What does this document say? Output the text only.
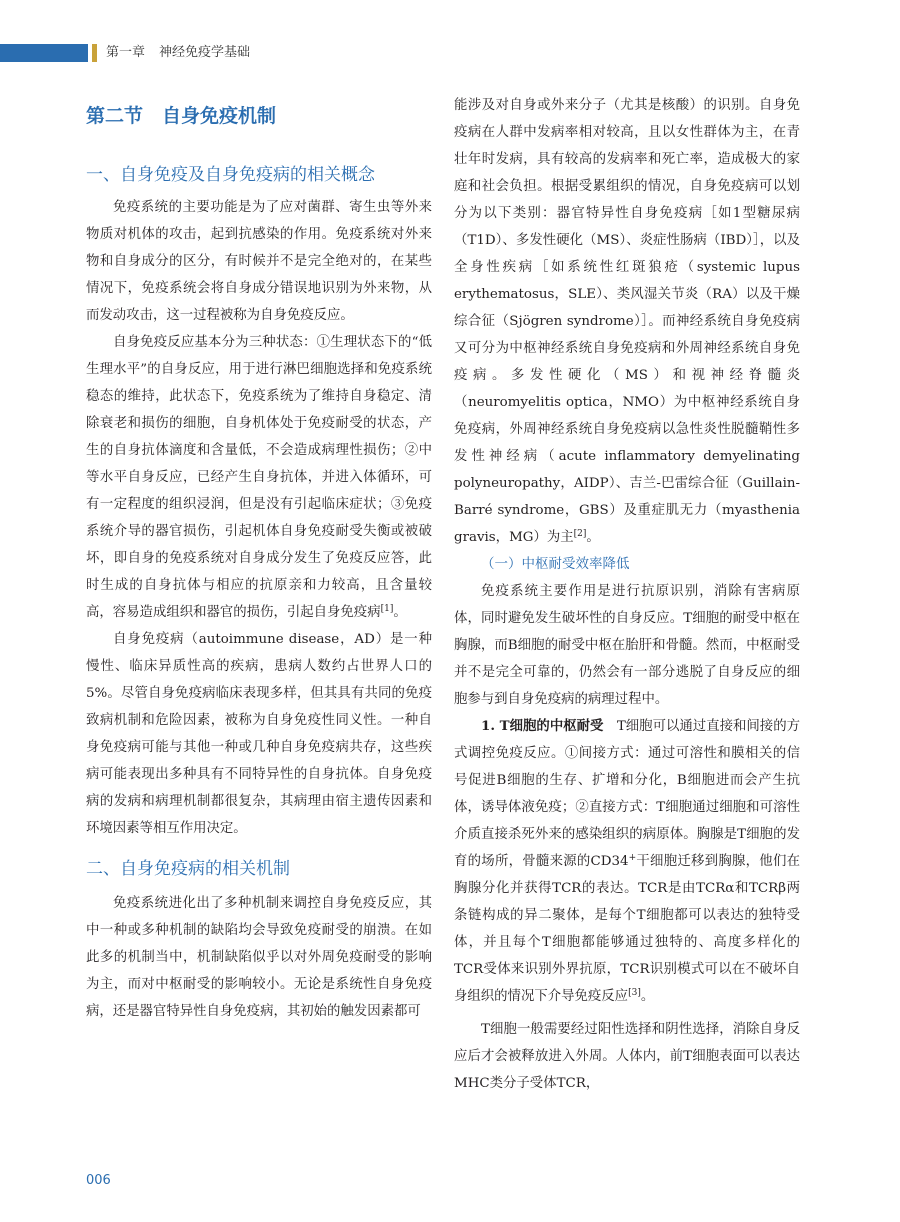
第一章 神经免疫学基础
第二节　自身免疫机制
一、自身免疫及自身免疫病的相关概念

免疫系统的主要功能是为了应对菌群、寄生虫等外来物质对机体的攻击，起到抗感染的作用。免疫系统对外来物和自身成分的区分，有时候并不是完全绝对的，在某些情况下，免疫系统会将自身成分错误地识别为外来物，从而发动攻击，这一过程被称为自身免疫反应。

自身免疫反应基本分为三种状态：①生理状态下的“低生理水平”的自身反应，用于进行淋巴细胞选择和免疫系统稳态的维持，此状态下，免疫系统为了维持自身稳定、清除衰老和损伤的细胞，自身机体处于免疫耐受的状态，产生的自身抗体滴度和含量低，不会造成病理性损伤；②中等水平自身反应，已经产生自身抗体，并进入体循环，可有一定程度的组织浸润，但是没有引起临床症状；③免疫系统介导的器官损伤，引起机体自身免疫耐受失衡或被破坏，即自身的免疫系统对自身成分发生了免疫反应答，此时生成的自身抗体与相应的抗原亲和力较高，且含量较高，容易造成组织和器官的损伤，引起自身免疫病[1]。

自身免疫病（autoimmune disease，AD）是一种慢性、临床异质性高的疾病，患病人数约占世界人口的5%。尽管自身免疫病临床表现多样，但其具有共同的免疫致病机制和危险因素，被称为自身免疫性同义性。一种自身免疫病可能与其他一种或几种自身免疫病共存，这些疾病可能表现出多种具有不同特异性的自身抗体。自身免疫病的发病和病理机制都很复杂，其病理由宿主遗传因素和环境因素等相互作用决定。

二、自身免疫病的相关机制

免疫系统进化出了多种机制来调控自身免疫反应，其中一种或多种机制的缺陷均会导致免疫耐受的崩溃。在如此多的机制当中，机制缺陷似乎以对外周免疫耐受的影响为主，而对中枢耐受的影响较小。无论是系统性自身免疫病，还是器官特异性自身免疫病，其初始的触发因素都可

能涉及对自身或外来分子（尤其是核酸）的识别。自身免疫病在人群中发病率相对较高，且以女性群体为主，在青壮年时发病，具有较高的发病率和死亡率，造成极大的家庭和社会负担。根据受累组织的情况，自身免疫病可以划分为以下类别：器官特异性自身免疫病［如1型糖尿病（T1D）、多发性硬化（MS）、炎症性肠病（IBD）］，以及全身性疾病［如系统性红斑狼疮（systemic lupus erythematosus，SLE）、类风湿关节炎（RA）以及干燥综合征（Sjögren syndrome）］。而神经系统自身免疫病又可分为中枢神经系统自身免疫病和外周神经系统自身免疫病。多发性硬化（MS）和视神经脊髓炎（neuromyelitis optica，NMO）为中枢神经系统自身免疫病，外周神经系统自身免疫病以急性炎性脱髓鞘性多发性神经病（acute inflammatory demyelinating polyneuropathy，AIDP）、吉兰-巴雷综合征（Guillain-Barré syndrome，GBS）及重症肌无力（myasthenia gravis，MG）为主[2]。

（一）中枢耐受效率降低

免疫系统主要作用是进行抗原识别，消除有害病原体，同时避免发生破坏性的自身反应。T细胞的耐受中枢在胸腺，而B细胞的耐受中枢在胎肝和骨髓。然而，中枢耐受并不是完全可靠的，仍然会有一部分逃脱了自身反应的细胞参与到自身免疫病的病理过程中。

1. T细胞的中枢耐受　T细胞可以通过直接和间接的方式调控免疫反应。①间接方式：通过可溶性和膜相关的信号促进B细胞的生存、扩增和分化，B细胞进而会产生抗体，诱导体液免疫；②直接方式：T细胞通过细胞和可溶性介质直接杀死外来的感染组织的病原体。胸腺是T细胞的发育的场所，骨髓来源的CD34+干细胞迁移到胸腺，他们在胸腺分化并获得TCR的表达。TCR是由TCRα和TCRβ两条链构成的异二聚体，是每个T细胞都可以表达的独特受体，并且每个T细胞都能够通过独特的、高度多样化的TCR受体来识别外界抗原，TCR识别模式可以在不破坏自身组织的情况下介导免疫反应[3]。

T细胞一般需要经过阳性选择和阴性选择，消除自身反应后才会被释放进入外周。人体内，前T细胞表面可以表达MHC类分子受体TCR，

006
